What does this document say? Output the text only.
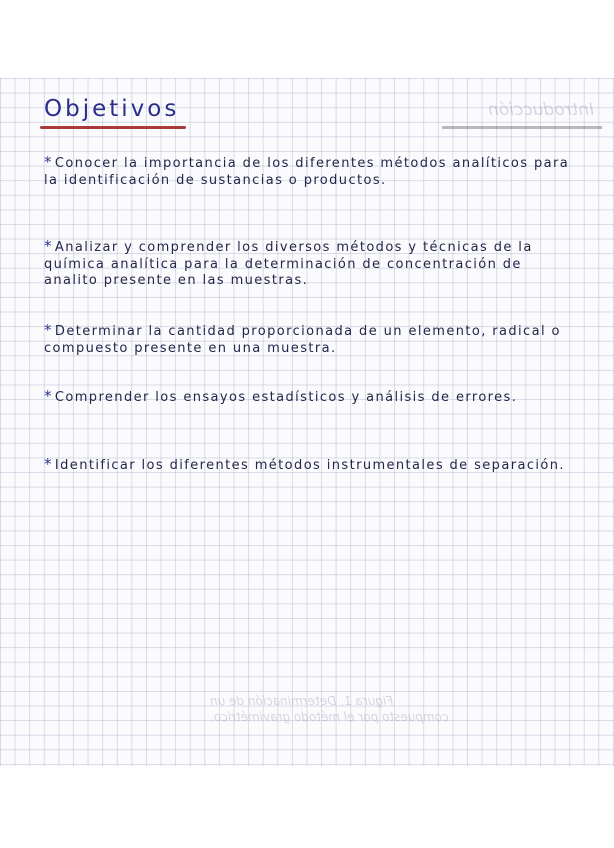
Introducción
Figura 1. Determinación de un compuesto por el método gravimétrico.
Objetivos
* Conocer la importancia de los diferentes métodos analíticos para la identificación de sustancias o productos.
* Analizar y comprender los diversos métodos y técnicas de la química analítica para la determinación de concentración de analito presente en las muestras.
* Determinar la cantidad proporcionada de un elemento, radical o compuesto presente en una muestra.
* Comprender los ensayos estadísticos y análisis de errores.
* Identificar los diferentes métodos instrumentales de separación.
